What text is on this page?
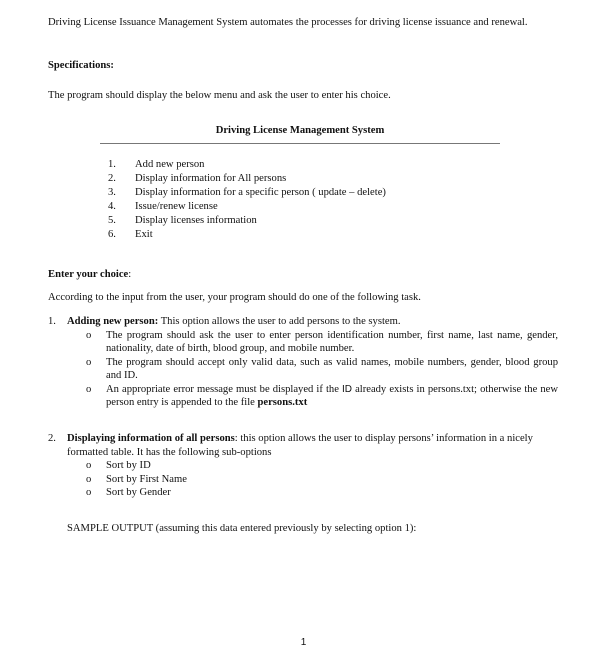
Driving License Issuance Management System automates the processes for driving license issuance and renewal.

Specifications:

The program should display the below menu and ask the user to enter his choice.

Driving License Management System

1. Add new person
2. Display information for All persons
3. Display information for a specific person ( update – delete)
4. Issue/renew license
5. Display licenses information
6. Exit

Enter your choice:

According to the input from the user, your program should do one of the following task.

1. Adding new person: This option allows the user to add persons to the system.
o The program should ask the user to enter person identification number, first name, last name, gender, nationality, date of birth, blood group, and mobile number.
o The program should accept only valid data, such as valid names, mobile numbers, gender, blood group and ID.
o An appropriate error message must be displayed if the ID already exists in persons.txt; otherwise the new person entry is appended to the file persons.txt
2. Displaying information of all persons: this option allows the user to display persons’ information in a nicely formatted table. It has the following sub-options
o Sort by ID
o Sort by First Name
o Sort by Gender

SAMPLE OUTPUT (assuming this data entered previously by selecting option 1):

1
